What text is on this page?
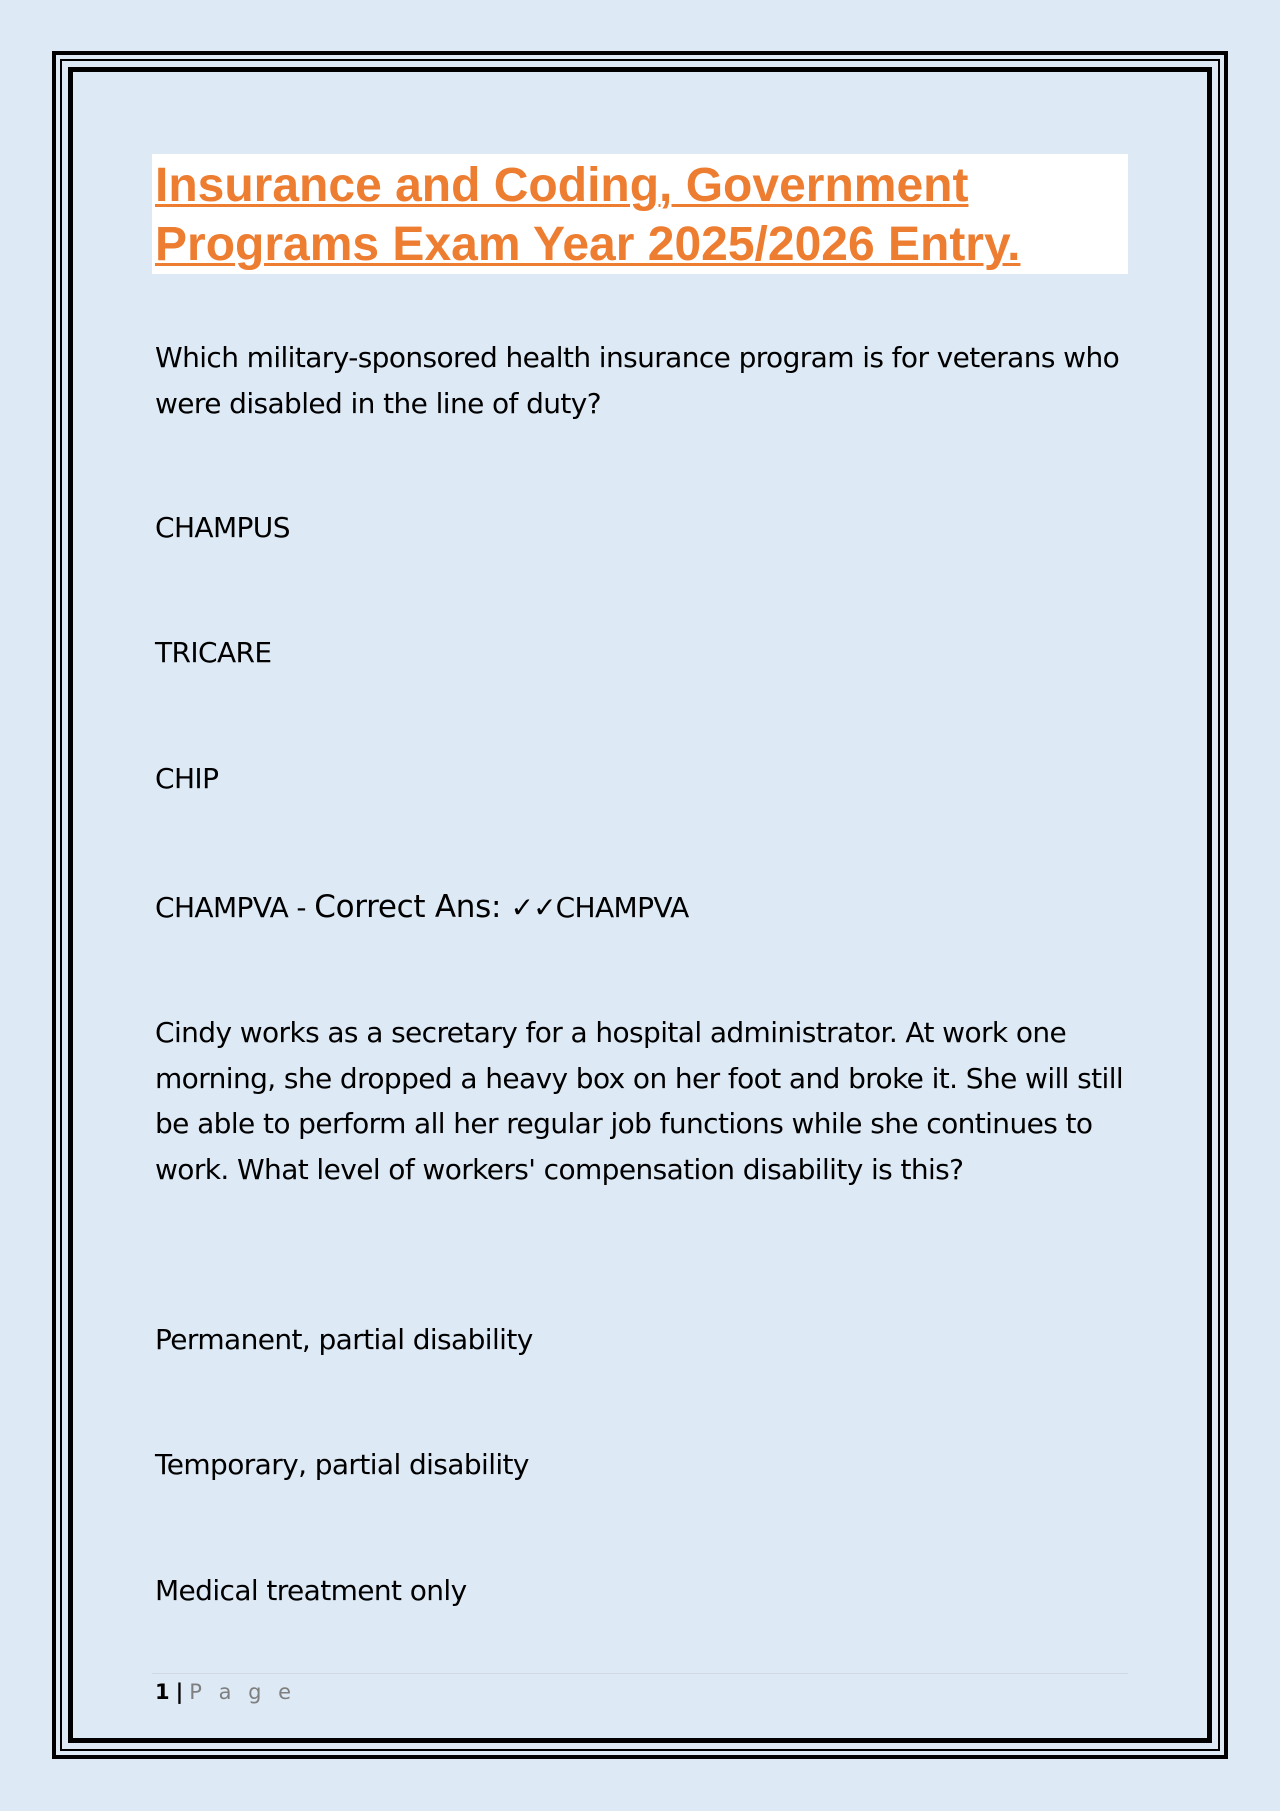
Insurance and Coding, Government Programs Exam Year 2025/2026 Entry.

Which military-sponsored health insurance program is for veterans who were disabled in the line of duty?

CHAMPUS

TRICARE

CHIP

CHAMPVA - Correct Ans: ✓✓CHAMPVA

Cindy works as a secretary for a hospital administrator. At work one morning, she dropped a heavy box on her foot and broke it. She will still be able to perform all her regular job functions while she continues to work. What level of workers' compensation disability is this?

Permanent, partial disability

Temporary, partial disability

Medical treatment only

1 | P a g e
